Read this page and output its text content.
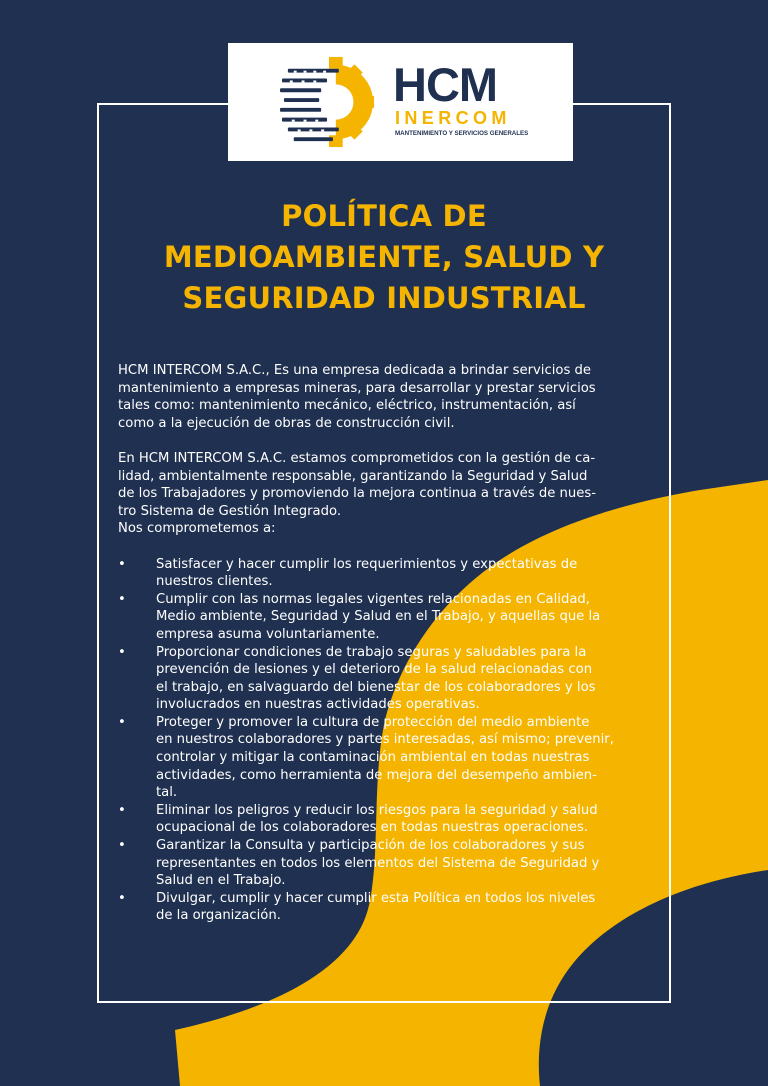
HCM
INERCOM
MANTENIMIENTO Y SERVICIOS GENERALES
POLÍTICA DE
MEDIOAMBIENTE, SALUD Y
SEGURIDAD INDUSTRIAL

HCM INTERCOM S.A.C., Es una empresa dedicada a brindar servicios de
mantenimiento a empresas mineras, para desarrollar y prestar servicios
tales como: mantenimiento mecánico, eléctrico, instrumentación, así
como a la ejecución de obras de construcción civil.

En HCM INTERCOM S.A.C. estamos comprometidos con la gestión de ca-
lidad, ambientalmente responsable, garantizando la Seguridad y Salud
de los Trabajadores y promoviendo la mejora continua a través de nues-
tro Sistema de Gestión Integrado.
Nos comprometemos a:

• Satisfacer y hacer cumplir los requerimientos y expectativas de
nuestros clientes.
• Cumplir con las normas legales vigentes relacionadas en Calidad,
Medio ambiente, Seguridad y Salud en el Trabajo, y aquellas que la
empresa asuma voluntariamente.
• Proporcionar condiciones de trabajo seguras y saludables para la
prevención de lesiones y el deterioro de la salud relacionadas con
el trabajo, en salvaguardo del bienestar de los colaboradores y los
involucrados en nuestras actividades operativas.
• Proteger y promover la cultura de protección del medio ambiente
en nuestros colaboradores y partes interesadas, así mismo; prevenir,
controlar y mitigar la contaminación ambiental en todas nuestras
actividades, como herramienta de mejora del desempeño ambien-
tal.
• Eliminar los peligros y reducir los riesgos para la seguridad y salud
ocupacional de los colaboradores en todas nuestras operaciones.
• Garantizar la Consulta y participación de los colaboradores y sus
representantes en todos los elementos del Sistema de Seguridad y
Salud en el Trabajo.
• Divulgar, cumplir y hacer cumplir esta Política en todos los niveles
de la organización.
